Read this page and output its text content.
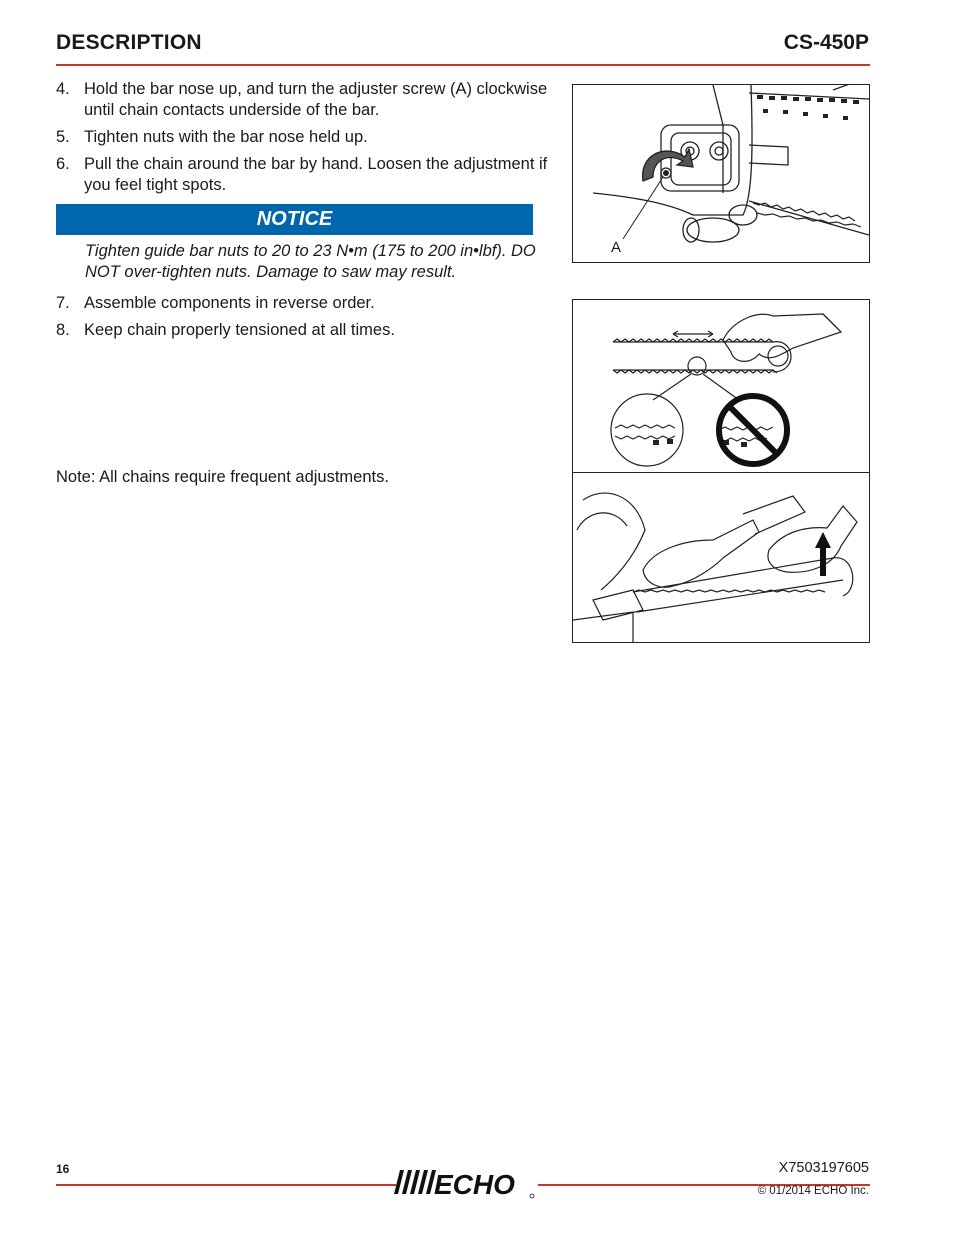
DESCRIPTION	CS-450P
4. Hold the bar nose up, and turn the adjuster screw (A) clockwise until chain contacts underside of the bar.
5. Tighten nuts with the bar nose held up.
6. Pull the chain around the bar by hand. Loosen the adjustment if you feel tight spots.
NOTICE
Tighten guide bar nuts to 20 to 23 N•m (175 to 200 in•lbf). DO NOT over-tighten nuts. Damage to saw may result.
7. Assemble components in reverse order.
8. Keep chain properly tensioned at all times.
Note: All chains require frequent adjustments.
A
16	ECHO
X7503197605
© 01/2014 ECHO Inc.
